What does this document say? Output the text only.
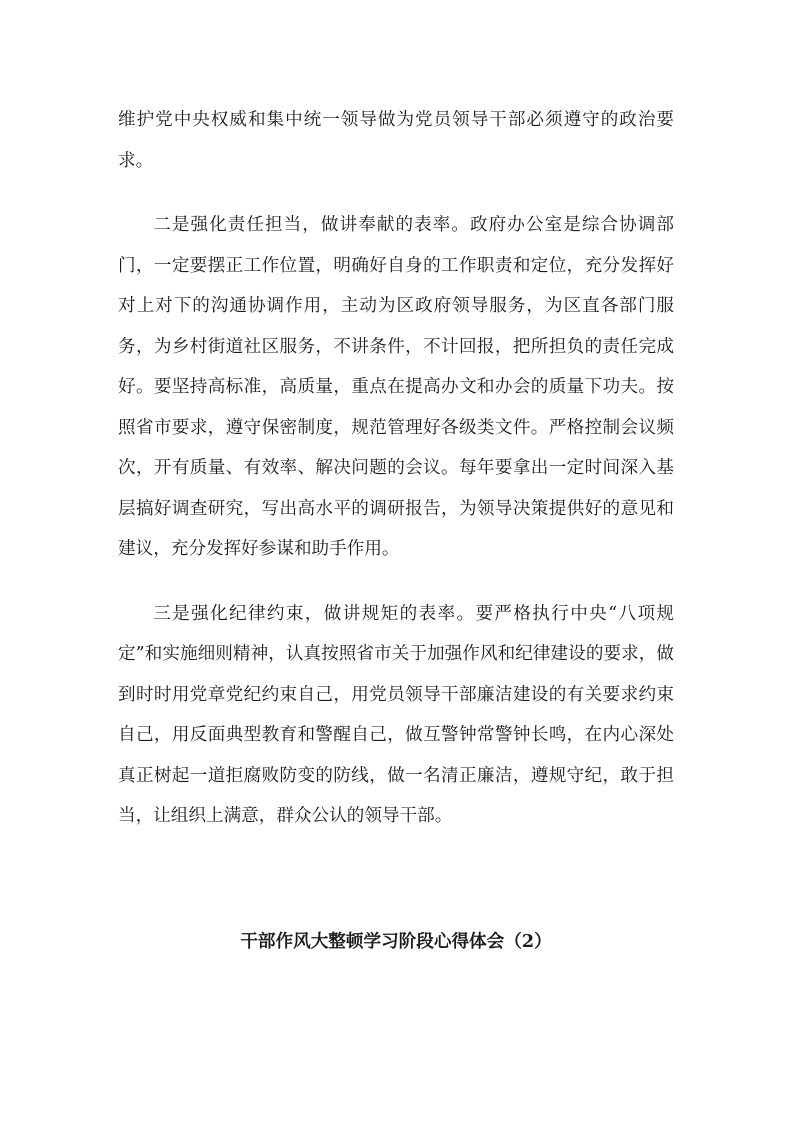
维护党中央权威和集中统一领导做为党员领导干部必须遵守的政治要求。

二是强化责任担当，做讲奉献的表率。政府办公室是综合协调部门，一定要摆正工作位置，明确好自身的工作职责和定位，充分发挥好对上对下的沟通协调作用，主动为区政府领导服务，为区直各部门服务，为乡村街道社区服务，不讲条件，不计回报，把所担负的责任完成好。要坚持高标准，高质量，重点在提高办文和办会的质量下功夫。按照省市要求，遵守保密制度，规范管理好各级类文件。严格控制会议频次，开有质量、有效率、解决问题的会议。每年要拿出一定时间深入基层搞好调查研究，写出高水平的调研报告，为领导决策提供好的意见和建议，充分发挥好参谋和助手作用。

三是强化纪律约束，做讲规矩的表率。要严格执行中央“八项规定”和实施细则精神，认真按照省市关于加强作风和纪律建设的要求，做到时时用党章党纪约束自己，用党员领导干部廉洁建设的有关要求约束自己，用反面典型教育和警醒自己，做互警钟常警钟长鸣，在内心深处真正树起一道拒腐败防变的防线，做一名清正廉洁，遵规守纪，敢于担当，让组织上满意，群众公认的领导干部。

干部作风大整顿学习阶段心得体会（2）
